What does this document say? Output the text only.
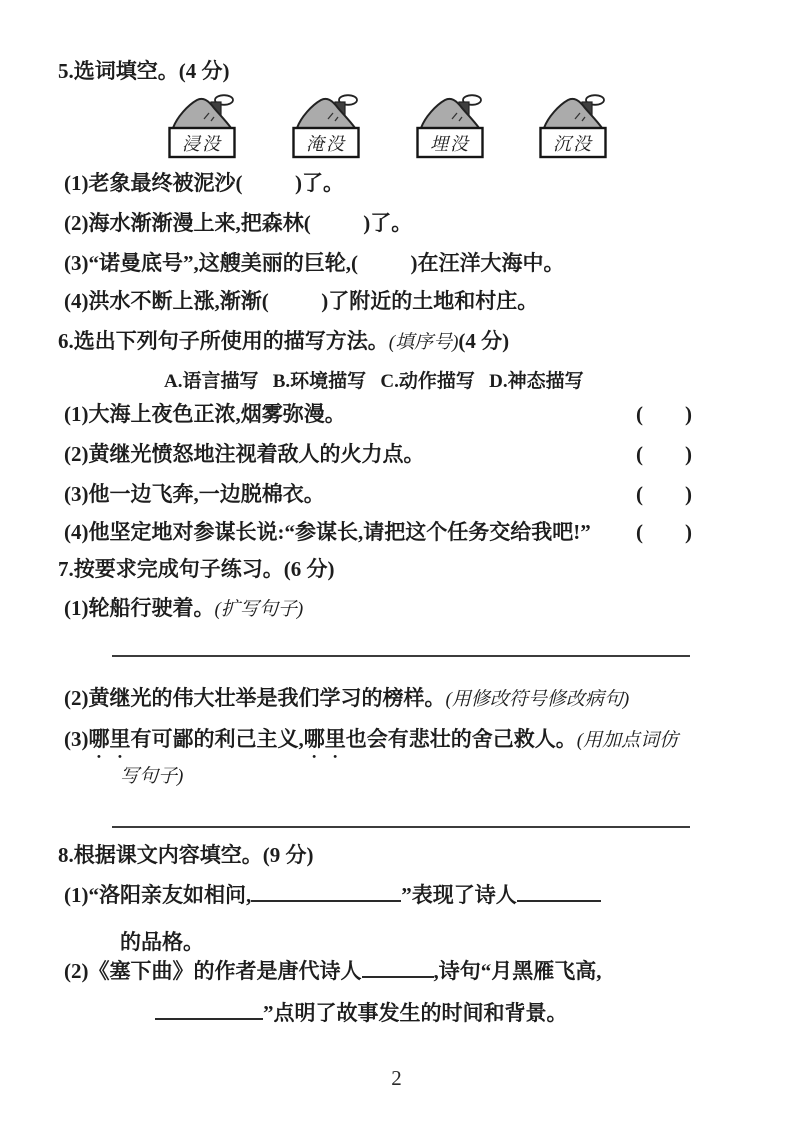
5.选词填空。(4 分)
浸没	淹没	埋没	沉没
(1)老象最终被泥沙(          )了。
(2)海水渐渐漫上来,把森林(          )了。
(3)“诺曼底号”,这艘美丽的巨轮,(          )在汪洋大海中。
(4)洪水不断上涨,渐渐(          )了附近的土地和村庄。
6.选出下列句子所使用的描写方法。(填序号)(4 分)
A.语言描写   B.环境描写   C.动作描写   D.神态描写
(1)大海上夜色正浓,烟雾弥漫。	(        )
(2)黄继光愤怒地注视着敌人的火力点。	(        )
(3)他一边飞奔,一边脱棉衣。	(        )
(4)他坚定地对参谋长说:“参谋长,请把这个任务交给我吧!” (        )
7.按要求完成句子练习。(6 分)
(1)轮船行驶着。(扩写句子)
(2)黄继光的伟大壮举是我们学习的榜样。(用修改符号修改病句)
(3)哪里有可鄙的利己主义,哪里也会有悲壮的舍己救人。(用加点词仿
写句子)
8.根据课文内容填空。(9 分)
(1)“洛阳亲友如相问,	”表现了诗人
的品格。
(2)《塞下曲》的作者是唐代诗人	,诗句“月黑雁飞高,
”点明了故事发生的时间和背景。
2
